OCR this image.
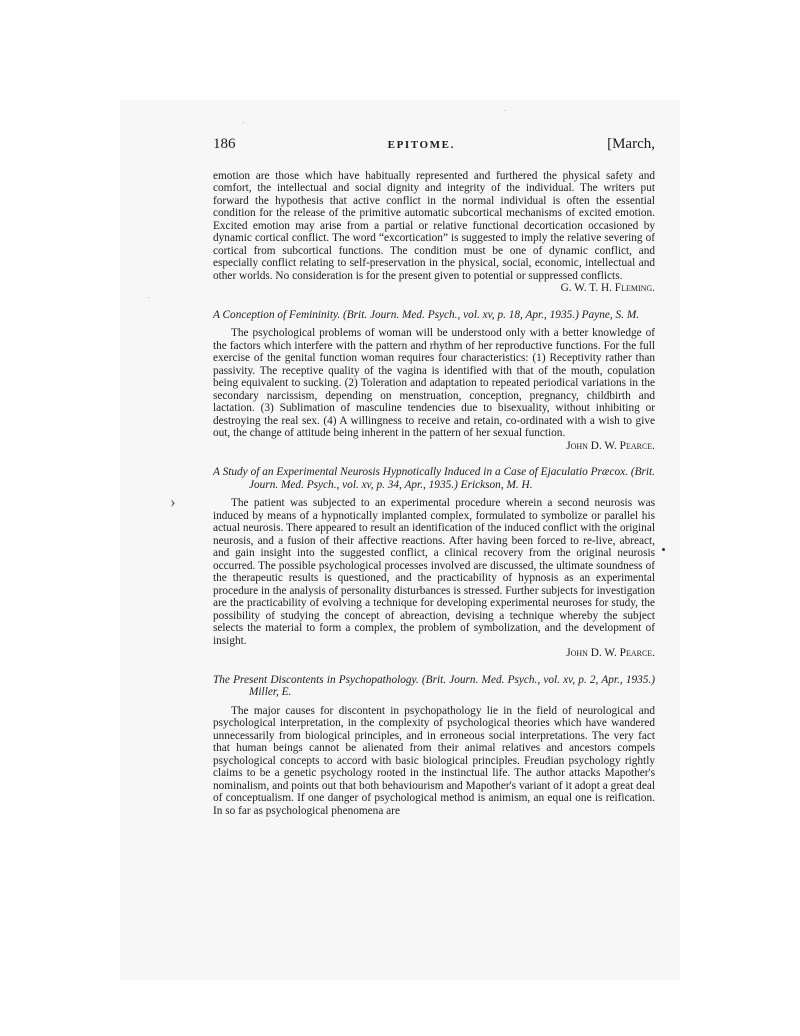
›
186	EPITOME.	[March,

emotion are those which have habitually represented and furthered the physical safety and comfort, the intellectual and social dignity and integrity of the individual. The writers put forward the hypothesis that active conflict in the normal individual is often the essential condition for the release of the primitive automatic subcortical mechanisms of excited emotion. Excited emotion may arise from a partial or relative functional decortication occasioned by dynamic cortical conflict. The word “excortication” is suggested to imply the relative severing of cortical from subcortical functions. The condition must be one of dynamic conflict, and especially conflict relating to self-preservation in the physical, social, economic, intellectual and other worlds. No consideration is for the present given to potential or suppressed conflicts.

G. W. T. H. Fleming.

A Conception of Femininity. (Brit. Journ. Med. Psych., vol. xv, p. 18, Apr., 1935.) Payne, S. M.

The psychological problems of woman will be understood only with a better knowledge of the factors which interfere with the pattern and rhythm of her reproductive functions. For the full exercise of the genital function woman requires four characteristics: (1) Receptivity rather than passivity. The receptive quality of the vagina is identified with that of the mouth, copulation being equivalent to sucking. (2) Toleration and adaptation to repeated periodical variations in the secondary narcissism, depending on menstruation, conception, pregnancy, childbirth and lactation. (3) Sublimation of masculine tendencies due to bisexuality, without inhibiting or destroying the real sex. (4) A willingness to receive and retain, co-ordinated with a wish to give out, the change of attitude being inherent in the pattern of her sexual function.

John D. W. Pearce.

A Study of an Experimental Neurosis Hypnotically Induced in a Case of Ejaculatio Præcox. (Brit. Journ. Med. Psych., vol. xv, p. 34, Apr., 1935.) Erickson, M. H.

The patient was subjected to an experimental procedure wherein a second neurosis was induced by means of a hypnotically implanted complex, formulated to symbolize or parallel his actual neurosis. There appeared to result an identification of the induced conflict with the original neurosis, and a fusion of their affective reactions. After having been forced to re-live, abreact, and gain insight into the suggested conflict, a clinical recovery from the original neurosis occurred. The possible psychological processes involved are discussed, the ultimate soundness of the therapeutic results is questioned, and the practicability of hypnosis as an experimental procedure in the analysis of personality disturbances is stressed. Further subjects for investigation are the practicability of evolving a technique for developing experimental neuroses for study, the possibility of studying the concept of abreaction, devising a technique whereby the subject selects the material to form a complex, the problem of symbolization, and the development of insight.

John D. W. Pearce.

The Present Discontents in Psychopathology. (Brit. Journ. Med. Psych., vol. xv, p. 2, Apr., 1935.) Miller, E.

The major causes for discontent in psychopathology lie in the field of neurological and psychological interpretation, in the complexity of psychological theories which have wandered unnecessarily from biological principles, and in erroneous social interpretations. The very fact that human beings cannot be alienated from their animal relatives and ancestors compels psychological concepts to accord with basic biological principles. Freudian psychology rightly claims to be a genetic psychology rooted in the instinctual life. The author attacks Mapother's nominalism, and points out that both behaviourism and Mapother's variant of it adopt a great deal of conceptualism. If one danger of psychological method is animism, an equal one is reification. In so far as psychological phenomena are
